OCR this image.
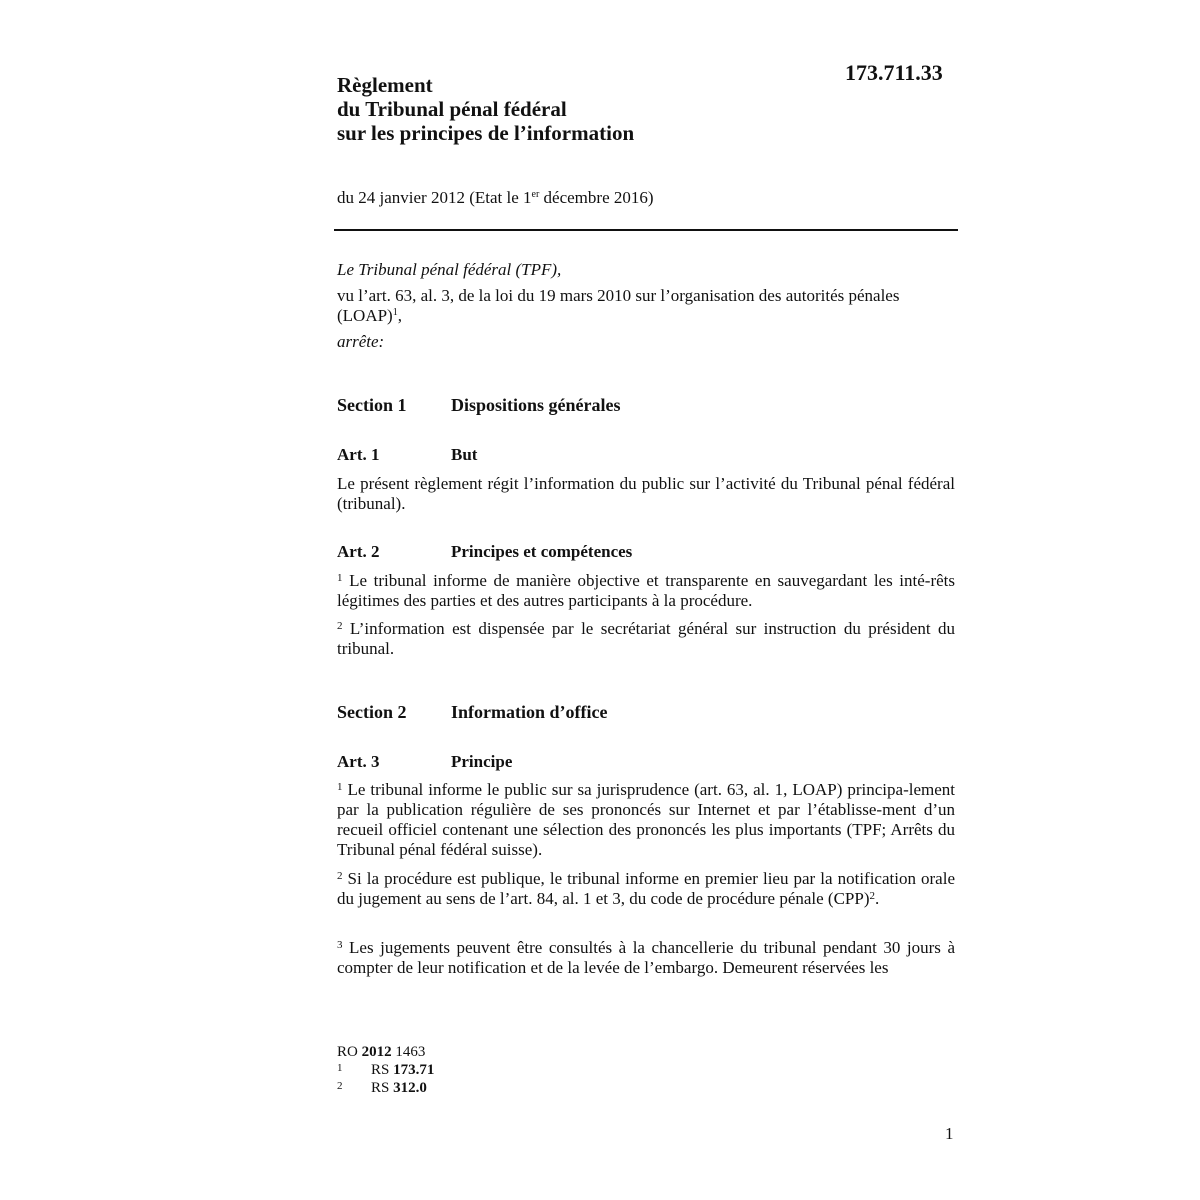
173.711.33
Règlement
du Tribunal pénal fédéral
sur les principes de l’information

du 24 janvier 2012 (Etat le 1er décembre 2016)

Le Tribunal pénal fédéral (TPF),

vu l’art. 63, al. 3, de la loi du 19 mars 2010 sur l’organisation des autorités pénales (LOAP)$^1$,

arrête:

Section 1 Dispositions générales
Art. 1	But

Le présent règlement régit l’information du public sur l’activité du Tribunal pénal fédéral (tribunal).

Art. 2	Principes et compétences

$^1$ Le tribunal informe de manière objective et transparente en sauvegardant les inté-rêts légitimes des parties et des autres participants à la procédure.

$^2$ L’information est dispensée par le secrétariat général sur instruction du président du tribunal.

Section 2 Information d’office
Art. 3	Principe

$^1$ Le tribunal informe le public sur sa jurisprudence (art. 63, al. 1, LOAP) principa-lement par la publication régulière de ses prononcés sur Internet et par l’établisse-ment d’un recueil officiel contenant une sélection des prononcés les plus importants (TPF; Arrêts du Tribunal pénal fédéral suisse).

$^2$ Si la procédure est publique, le tribunal informe en premier lieu par la notification orale du jugement au sens de l’art. 84, al. 1 et 3, du code de procédure pénale (CPP)$^2$.

$^3$ Les jugements peuvent être consultés à la chancellerie du tribunal pendant 30 jours à compter de leur notification et de la levée de l’embargo. Demeurent réservées les

RO 2012 1463
1	RS 173.71
2	RS 312.0
1
